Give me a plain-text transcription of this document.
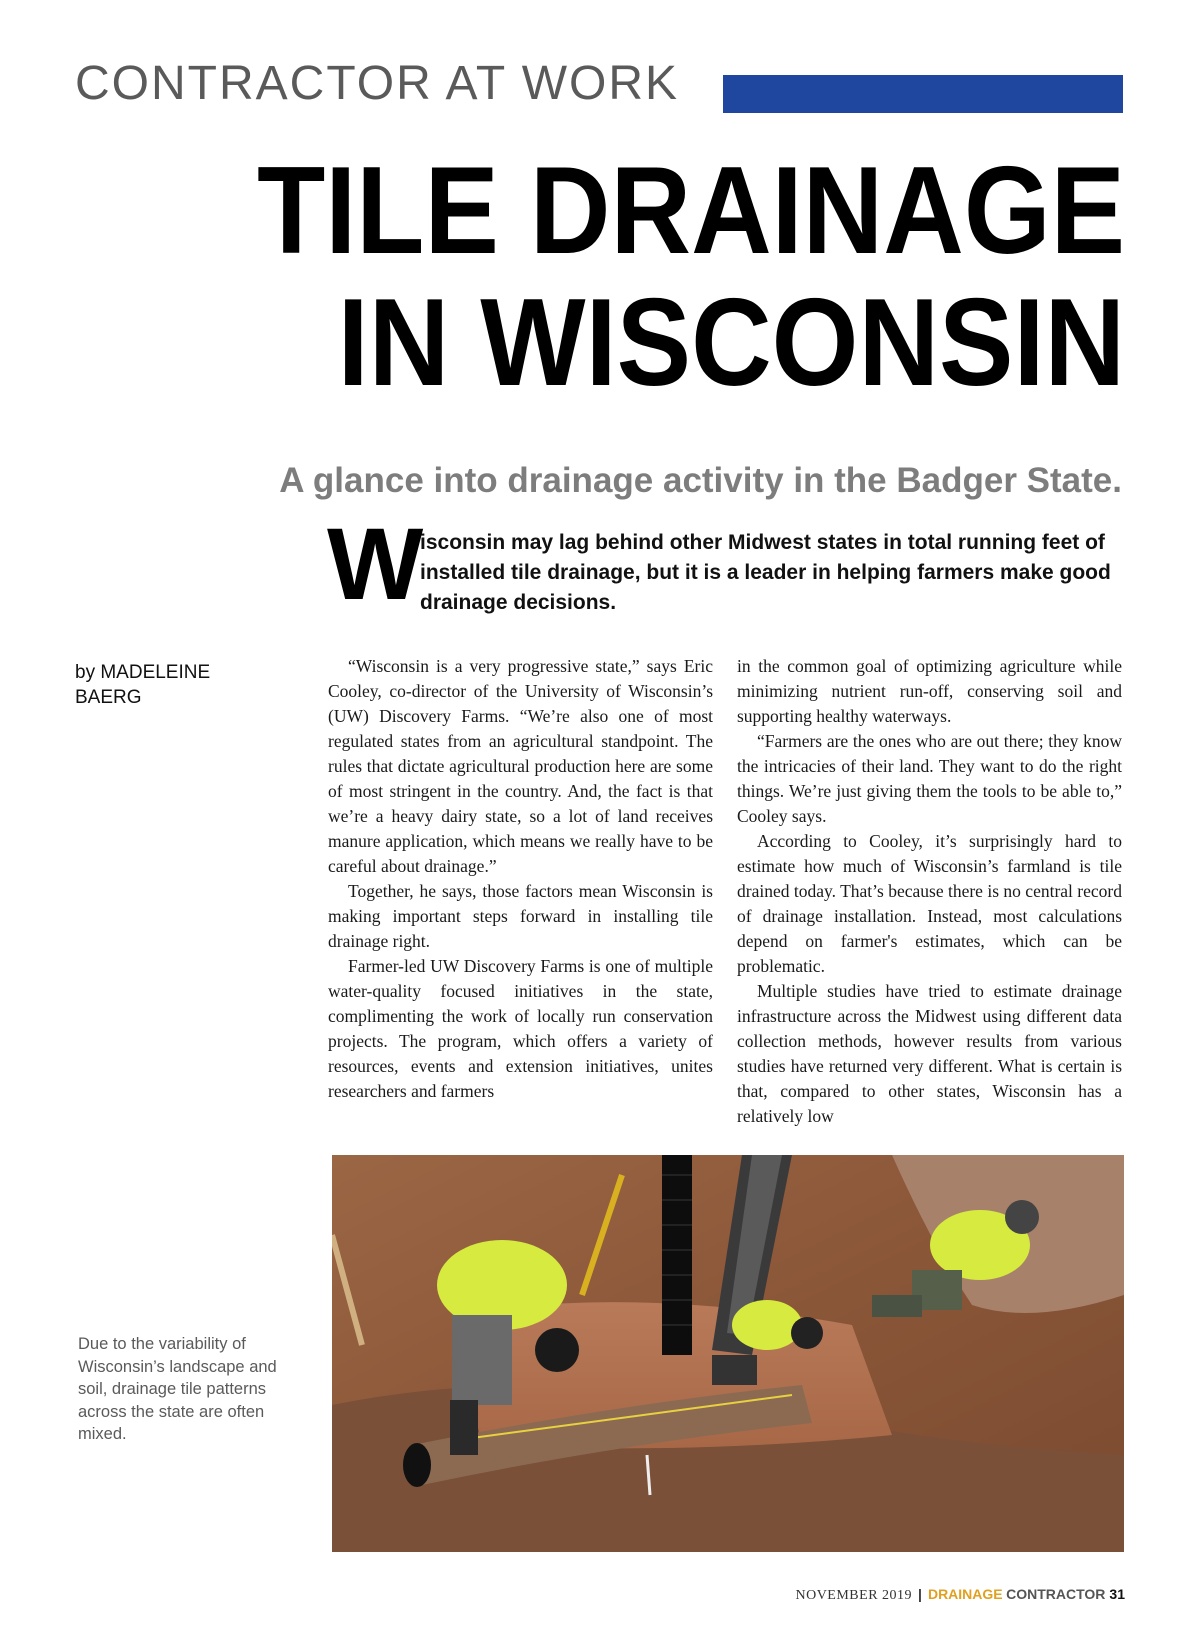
CONTRACTOR AT WORK
TILE DRAINAGE
IN WISCONSIN
A glance into drainage activity in the Badger State.
W
isconsin may lag behind other Midwest states in total running feet of installed tile drainage, but it is a leader in helping farmers make good drainage decisions.
by MADELEINE
BAERG

“Wisconsin is a very progressive state,” says Eric Cooley, co-director of the University of Wisconsin’s (UW) Discovery Farms. “We’re also one of most regulated states from an agricultural standpoint. The rules that dictate agricultural production here are some of most stringent in the country. And, the fact is that we’re a heavy dairy state, so a lot of land receives manure application, which means we really have to be careful about drainage.”

Together, he says, those factors mean Wisconsin is making important steps forward in installing tile drainage right.

Farmer-led UW Discovery Farms is one of multiple water-quality focused initiatives in the state, complimenting the work of locally run conservation projects. The program, which offers a variety of resources, events and extension initiatives, unites researchers and farmers

in the common goal of optimizing agriculture while minimizing nutrient run-off, conserving soil and supporting healthy waterways.

“Farmers are the ones who are out there; they know the intricacies of their land. They want to do the right things. We’re just giving them the tools to be able to,” Cooley says.

According to Cooley, it’s surprisingly hard to estimate how much of Wisconsin’s farmland is tile drained today. That’s because there is no central record of drainage installation. Instead, most calculations depend on farmer's estimates, which can be problematic.

Multiple studies have tried to estimate drainage infrastructure across the Midwest using different data collection methods, however results from various studies have returned very different. What is certain is that, compared to other states, Wisconsin has a relatively low

Due to the variability of Wisconsin’s landscape and soil, drainage tile patterns across the state are often mixed.
NOVEMBER 2019 | DRAINAGE CONTRACTOR 31
